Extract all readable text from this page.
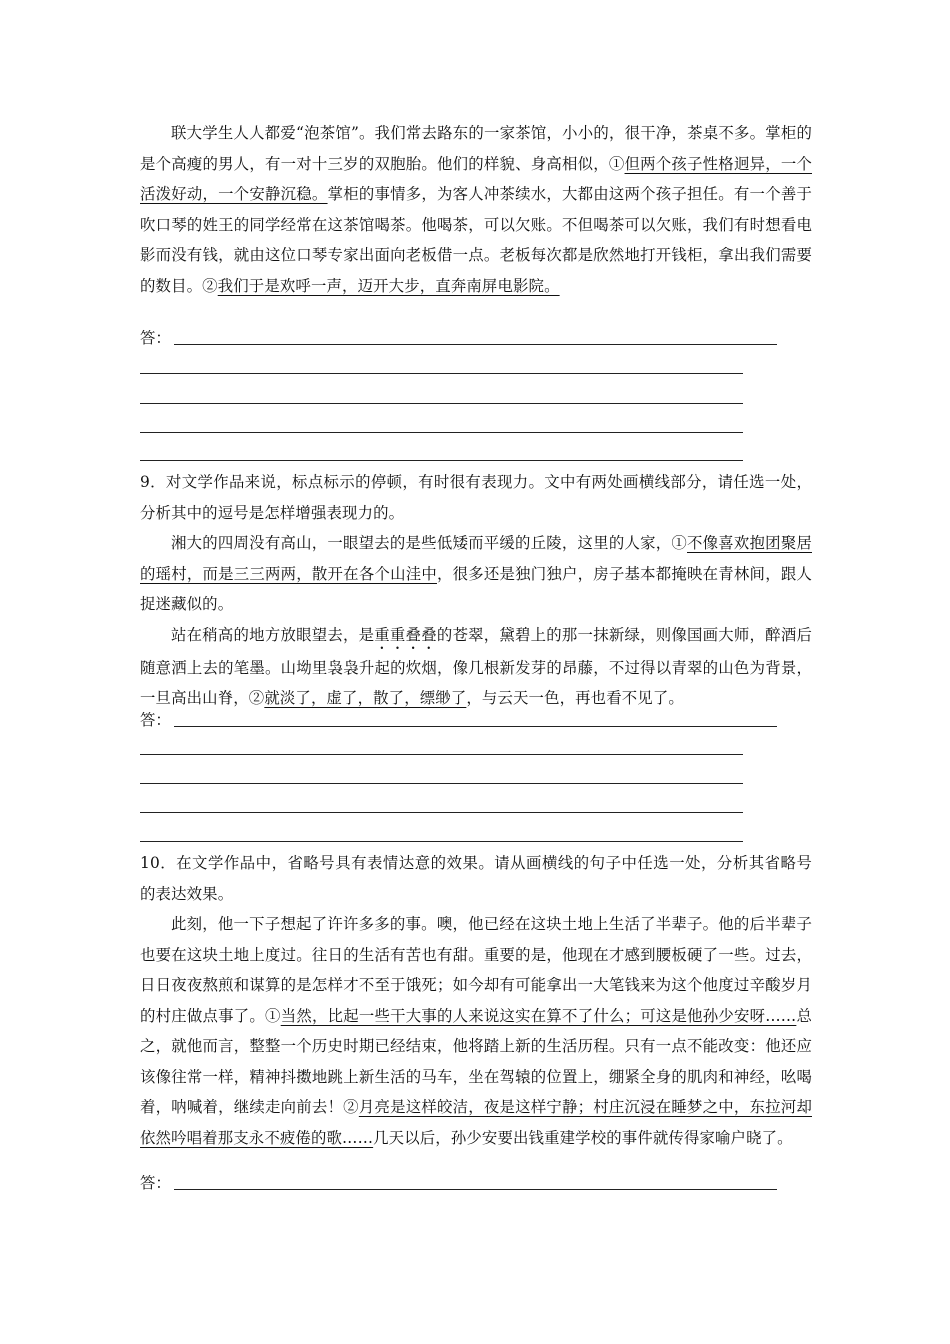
联大学生人人都爱“泡茶馆”。我们常去路东的一家茶馆，小小的，很干净，茶桌不多。掌柜的是个高瘦的男人，有一对十三岁的双胞胎。他们的样貌、身高相似，①但两个孩子性格迥异，一个活泼好动，一个安静沉稳。掌柜的事情多，为客人冲茶续水，大都由这两个孩子担任。有一个善于吹口琴的姓王的同学经常在这茶馆喝茶。他喝茶，可以欠账。不但喝茶可以欠账，我们有时想看电影而没有钱，就由这位口琴专家出面向老板借一点。老板每次都是欣然地打开钱柜，拿出我们需要的数目。②我们于是欢呼一声，迈开大步，直奔南屏电影院。

答：

9．对文学作品来说，标点标示的停顿，有时很有表现力。文中有两处画横线部分，请任选一处，分析其中的逗号是怎样增强表现力的。

湘大的四周没有高山，一眼望去的是些低矮而平缓的丘陵，这里的人家，①不像喜欢抱团聚居的瑶村，而是三三两两，散开在各个山洼中，很多还是独门独户，房子基本都掩映在青林间，跟人捉迷藏似的。

站在稍高的地方放眼望去，是重重叠叠的苍翠，黛碧上的那一抹新绿，则像国画大师，醉酒后随意洒上去的笔墨。山坳里袅袅升起的炊烟，像几根新发芽的昂藤，不过得以青翠的山色为背景，一旦高出山脊，②就淡了，虚了，散了，缥缈了，与云天一色，再也看不见了。

答：

10．在文学作品中，省略号具有表情达意的效果。请从画横线的句子中任选一处，分析其省略号的表达效果。

此刻，他一下子想起了许许多多的事。噢，他已经在这块土地上生活了半辈子。他的后半辈子也要在这块土地上度过。往日的生活有苦也有甜。重要的是，他现在才感到腰板硬了一些。过去，日日夜夜熬煎和谋算的是怎样才不至于饿死；如今却有可能拿出一大笔钱来为这个他度过辛酸岁月的村庄做点事了。①当然，比起一些干大事的人来说这实在算不了什么；可这是他孙少安呀……总之，就他而言，整整一个历史时期已经结束，他将踏上新的生活历程。只有一点不能改变：他还应该像往常一样，精神抖擞地跳上新生活的马车，坐在驾辕的位置上，绷紧全身的肌肉和神经，吆喝着，呐喊着，继续走向前去！②月亮是这样皎洁，夜是这样宁静；村庄沉浸在睡梦之中，东拉河却依然吟唱着那支永不疲倦的歌……几天以后，孙少安要出钱重建学校的事件就传得家喻户晓了。

答：
